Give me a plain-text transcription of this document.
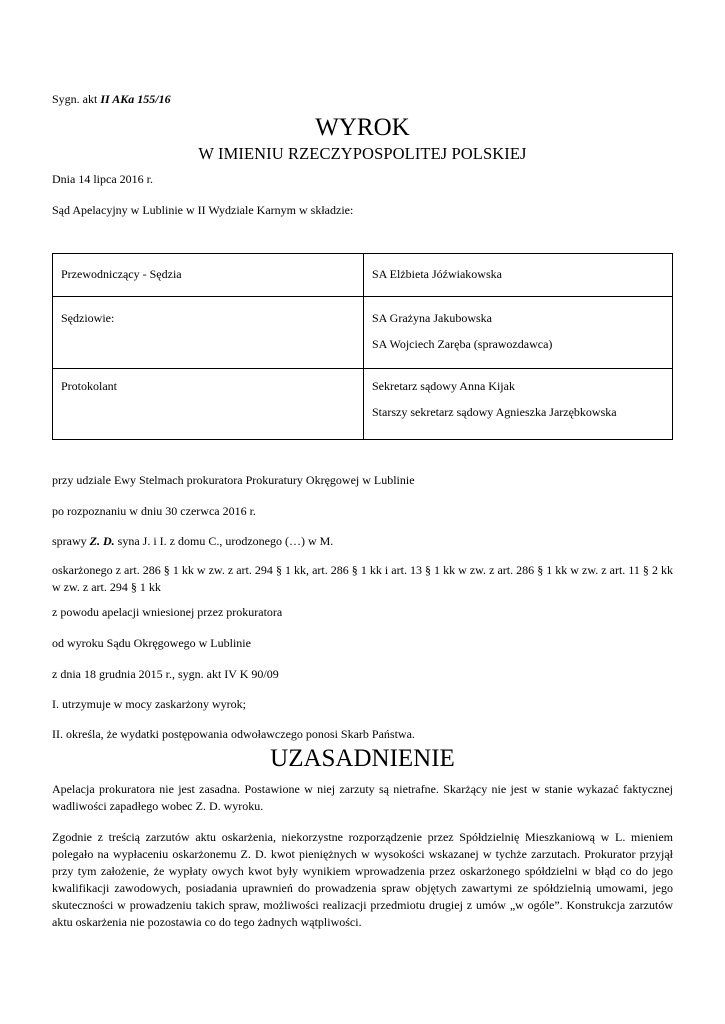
Sygn. akt II AKa 155/16
WYROK
W IMIENIU RZECZYPOSPOLITEJ POLSKIEJ
Dnia 14 lipca 2016 r.
Sąd Apelacyjny w Lublinie w II Wydziale Karnym w składzie:
Przewodniczący - Sędzia	SA Elżbieta Jóźwiakowska

Sędziowie:	SA Grażyna Jakubowska
SA Wojciech Zaręba (sprawozdawca)

Protokolant	Sekretarz sądowy Anna Kijak
Starszy sekretarz sądowy Agnieszka Jarzębkowska
przy udziale Ewy Stelmach prokuratora Prokuratury Okręgowej w Lublinie
po rozpoznaniu w dniu 30 czerwca 2016 r.
sprawy Z. D. syna J. i I. z domu C., urodzonego (…) w M.
oskarżonego z art. 286 § 1 kk w zw. z art. 294 § 1 kk, art. 286 § 1 kk i art. 13 § 1 kk w zw. z art. 286 § 1 kk w zw. z art. 11 § 2 kk w zw. z art. 294 § 1 kk
z powodu apelacji wniesionej przez prokuratora
od wyroku Sądu Okręgowego w Lublinie
z dnia 18 grudnia 2015 r., sygn. akt IV K 90/09
I. utrzymuje w mocy zaskarżony wyrok;
II. określa, że wydatki postępowania odwoławczego ponosi Skarb Państwa.
UZASADNIENIE
Apelacja prokuratora nie jest zasadna. Postawione w niej zarzuty są nietrafne. Skarżący nie jest w stanie wykazać faktycznej wadliwości zapadłego wobec Z. D. wyroku.
Zgodnie z treścią zarzutów aktu oskarżenia, niekorzystne rozporządzenie przez Spółdzielnię Mieszkaniową w L. mieniem polegało na wypłaceniu oskarżonemu Z. D. kwot pieniężnych w wysokości wskazanej w tychże zarzutach. Prokurator przyjął przy tym założenie, że wypłaty owych kwot były wynikiem wprowadzenia przez oskarżonego spółdzielni w błąd co do jego kwalifikacji zawodowych, posiadania uprawnień do prowadzenia spraw objętych zawartymi ze spółdzielnią umowami, jego skuteczności w prowadzeniu takich spraw, możliwości realizacji przedmiotu drugiej z umów „w ogóle”. Konstrukcja zarzutów aktu oskarżenia nie pozostawia co do tego żadnych wątpliwości.
